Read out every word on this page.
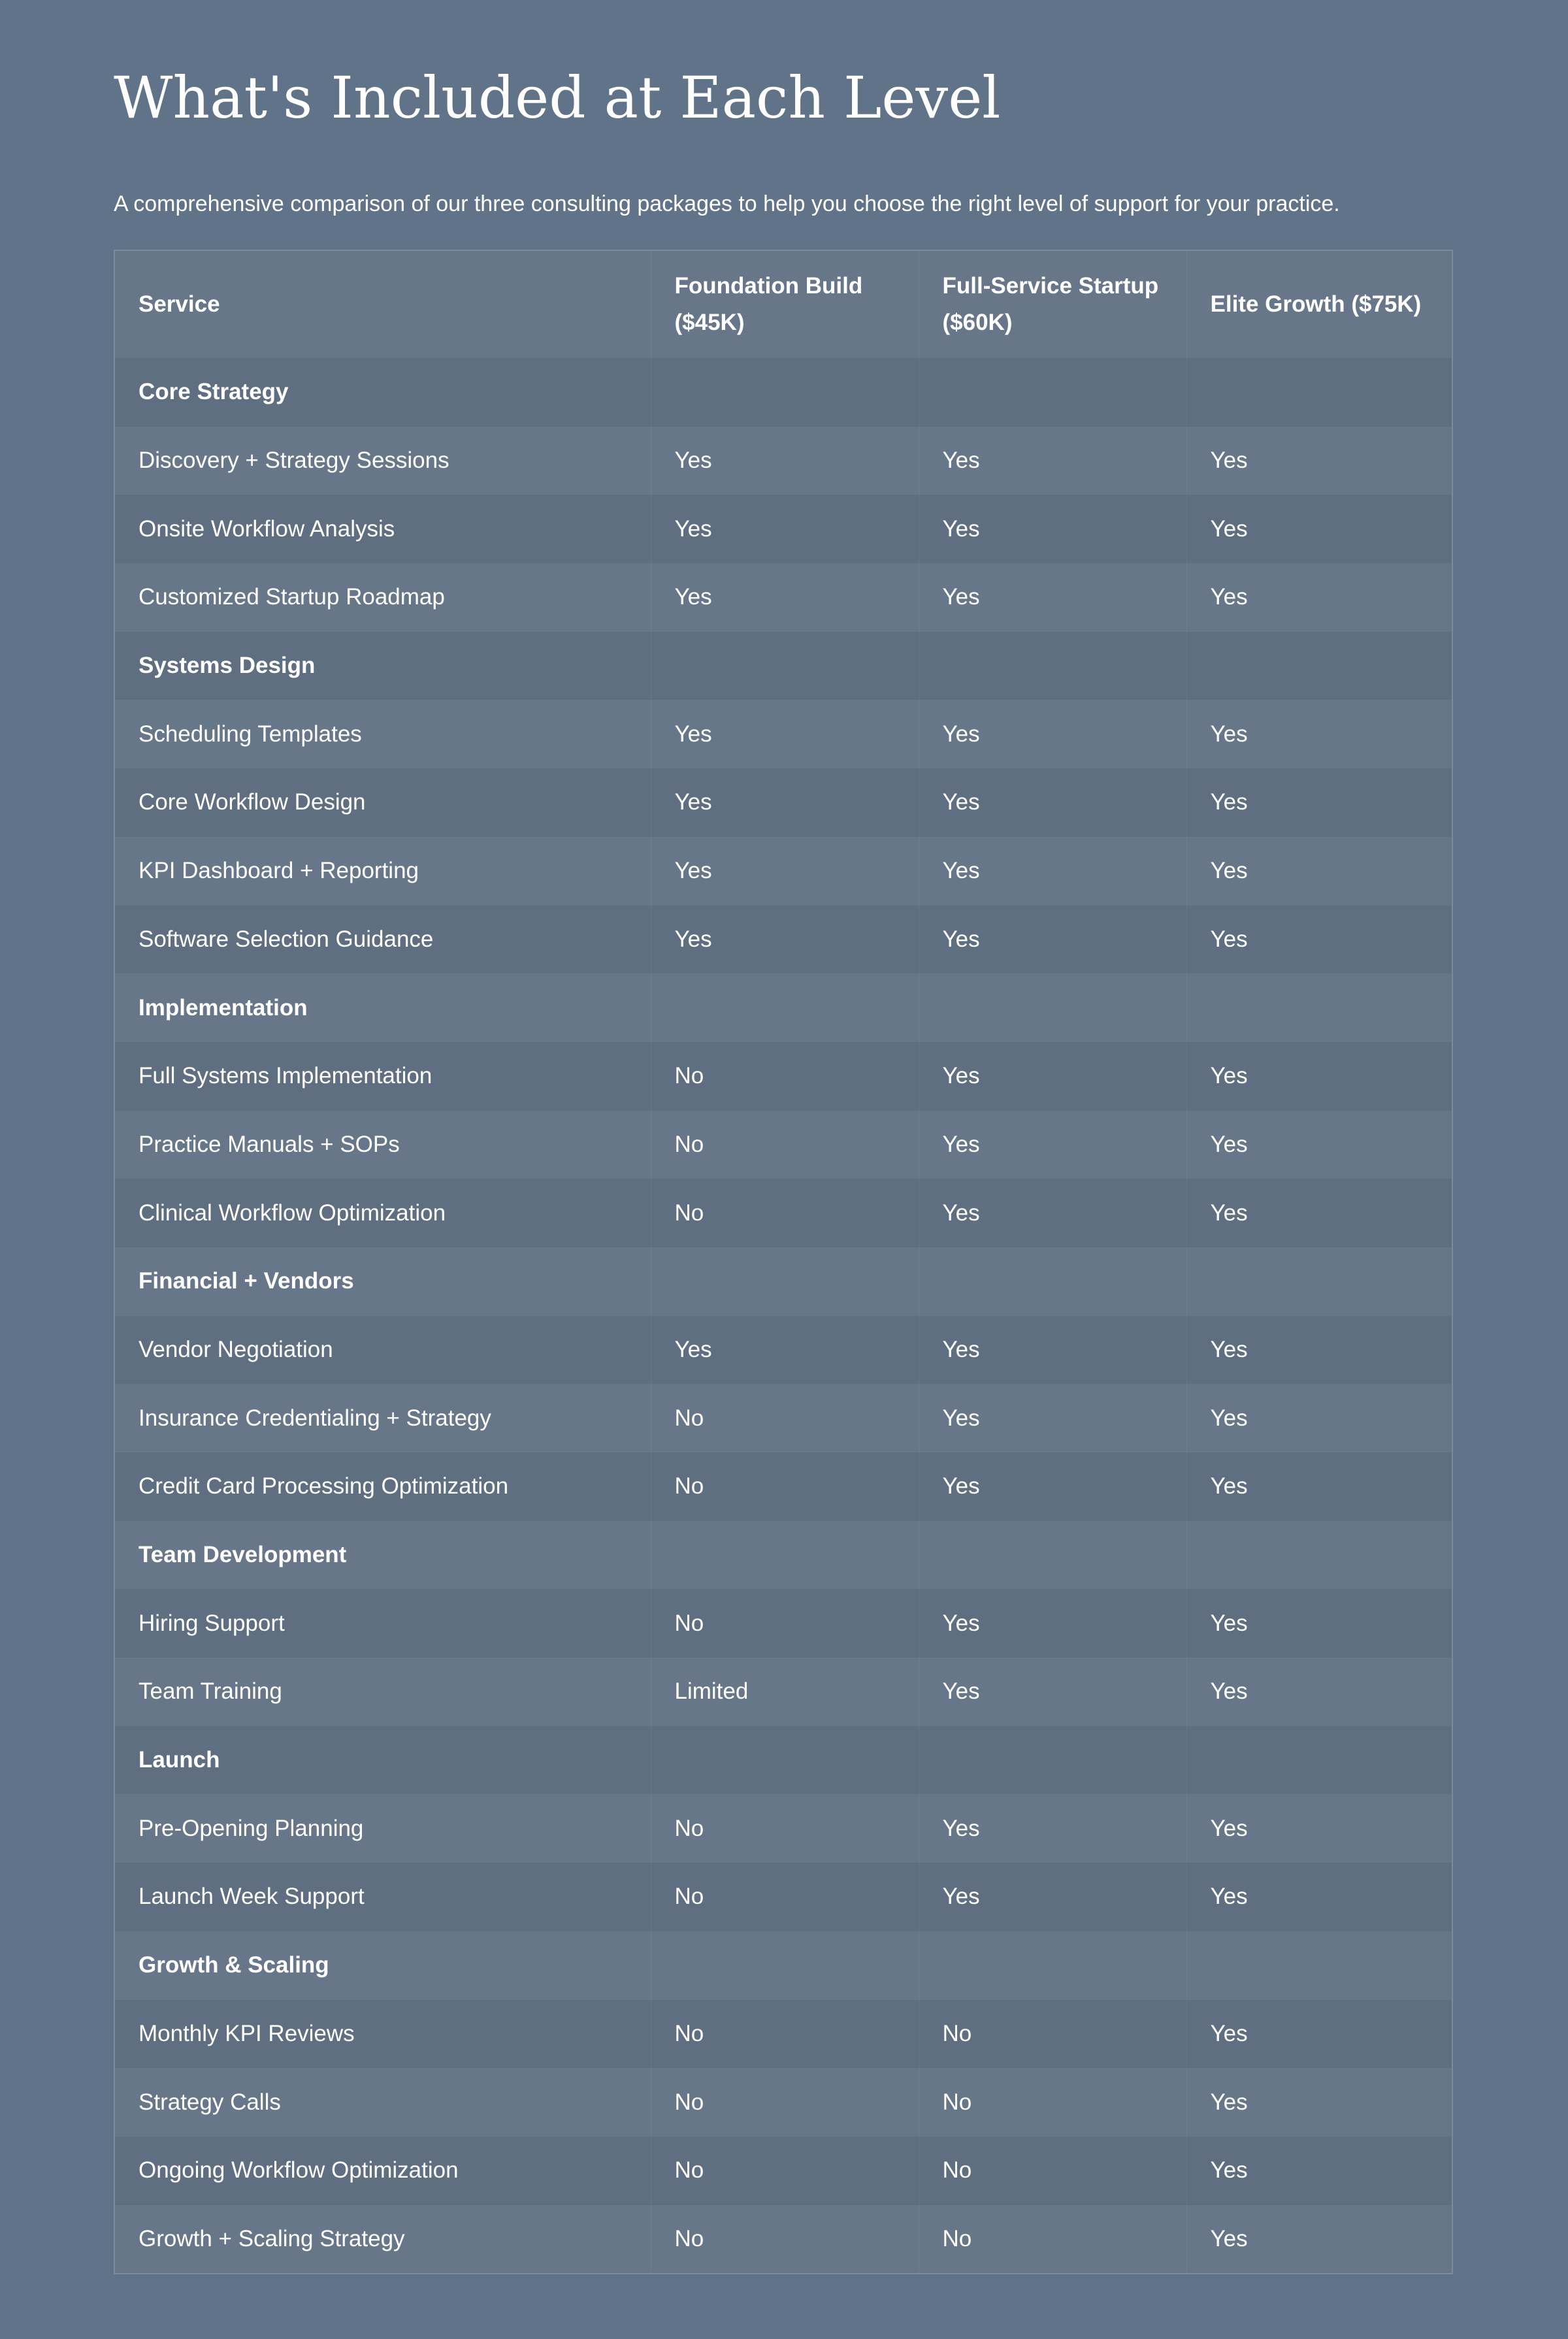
What's Included at Each Level

A comprehensive comparison of our three consulting packages to help you choose the right level of support for your practice.

Service	Foundation Build ($45K)	Full-Service Startup ($60K)	Elite Growth ($75K)
Core Strategy			
Discovery + Strategy Sessions	Yes	Yes	Yes
Onsite Workflow Analysis	Yes	Yes	Yes
Customized Startup Roadmap	Yes	Yes	Yes
Systems Design			
Scheduling Templates	Yes	Yes	Yes
Core Workflow Design	Yes	Yes	Yes
KPI Dashboard + Reporting	Yes	Yes	Yes
Software Selection Guidance	Yes	Yes	Yes
Implementation			
Full Systems Implementation	No	Yes	Yes
Practice Manuals + SOPs	No	Yes	Yes
Clinical Workflow Optimization	No	Yes	Yes
Financial + Vendors			
Vendor Negotiation	Yes	Yes	Yes
Insurance Credentialing + Strategy	No	Yes	Yes
Credit Card Processing Optimization	No	Yes	Yes
Team Development			
Hiring Support	No	Yes	Yes
Team Training	Limited	Yes	Yes
Launch			
Pre-Opening Planning	No	Yes	Yes
Launch Week Support	No	Yes	Yes
Growth & Scaling			
Monthly KPI Reviews	No	No	Yes
Strategy Calls	No	No	Yes
Ongoing Workflow Optimization	No	No	Yes
Growth + Scaling Strategy	No	No	Yes
